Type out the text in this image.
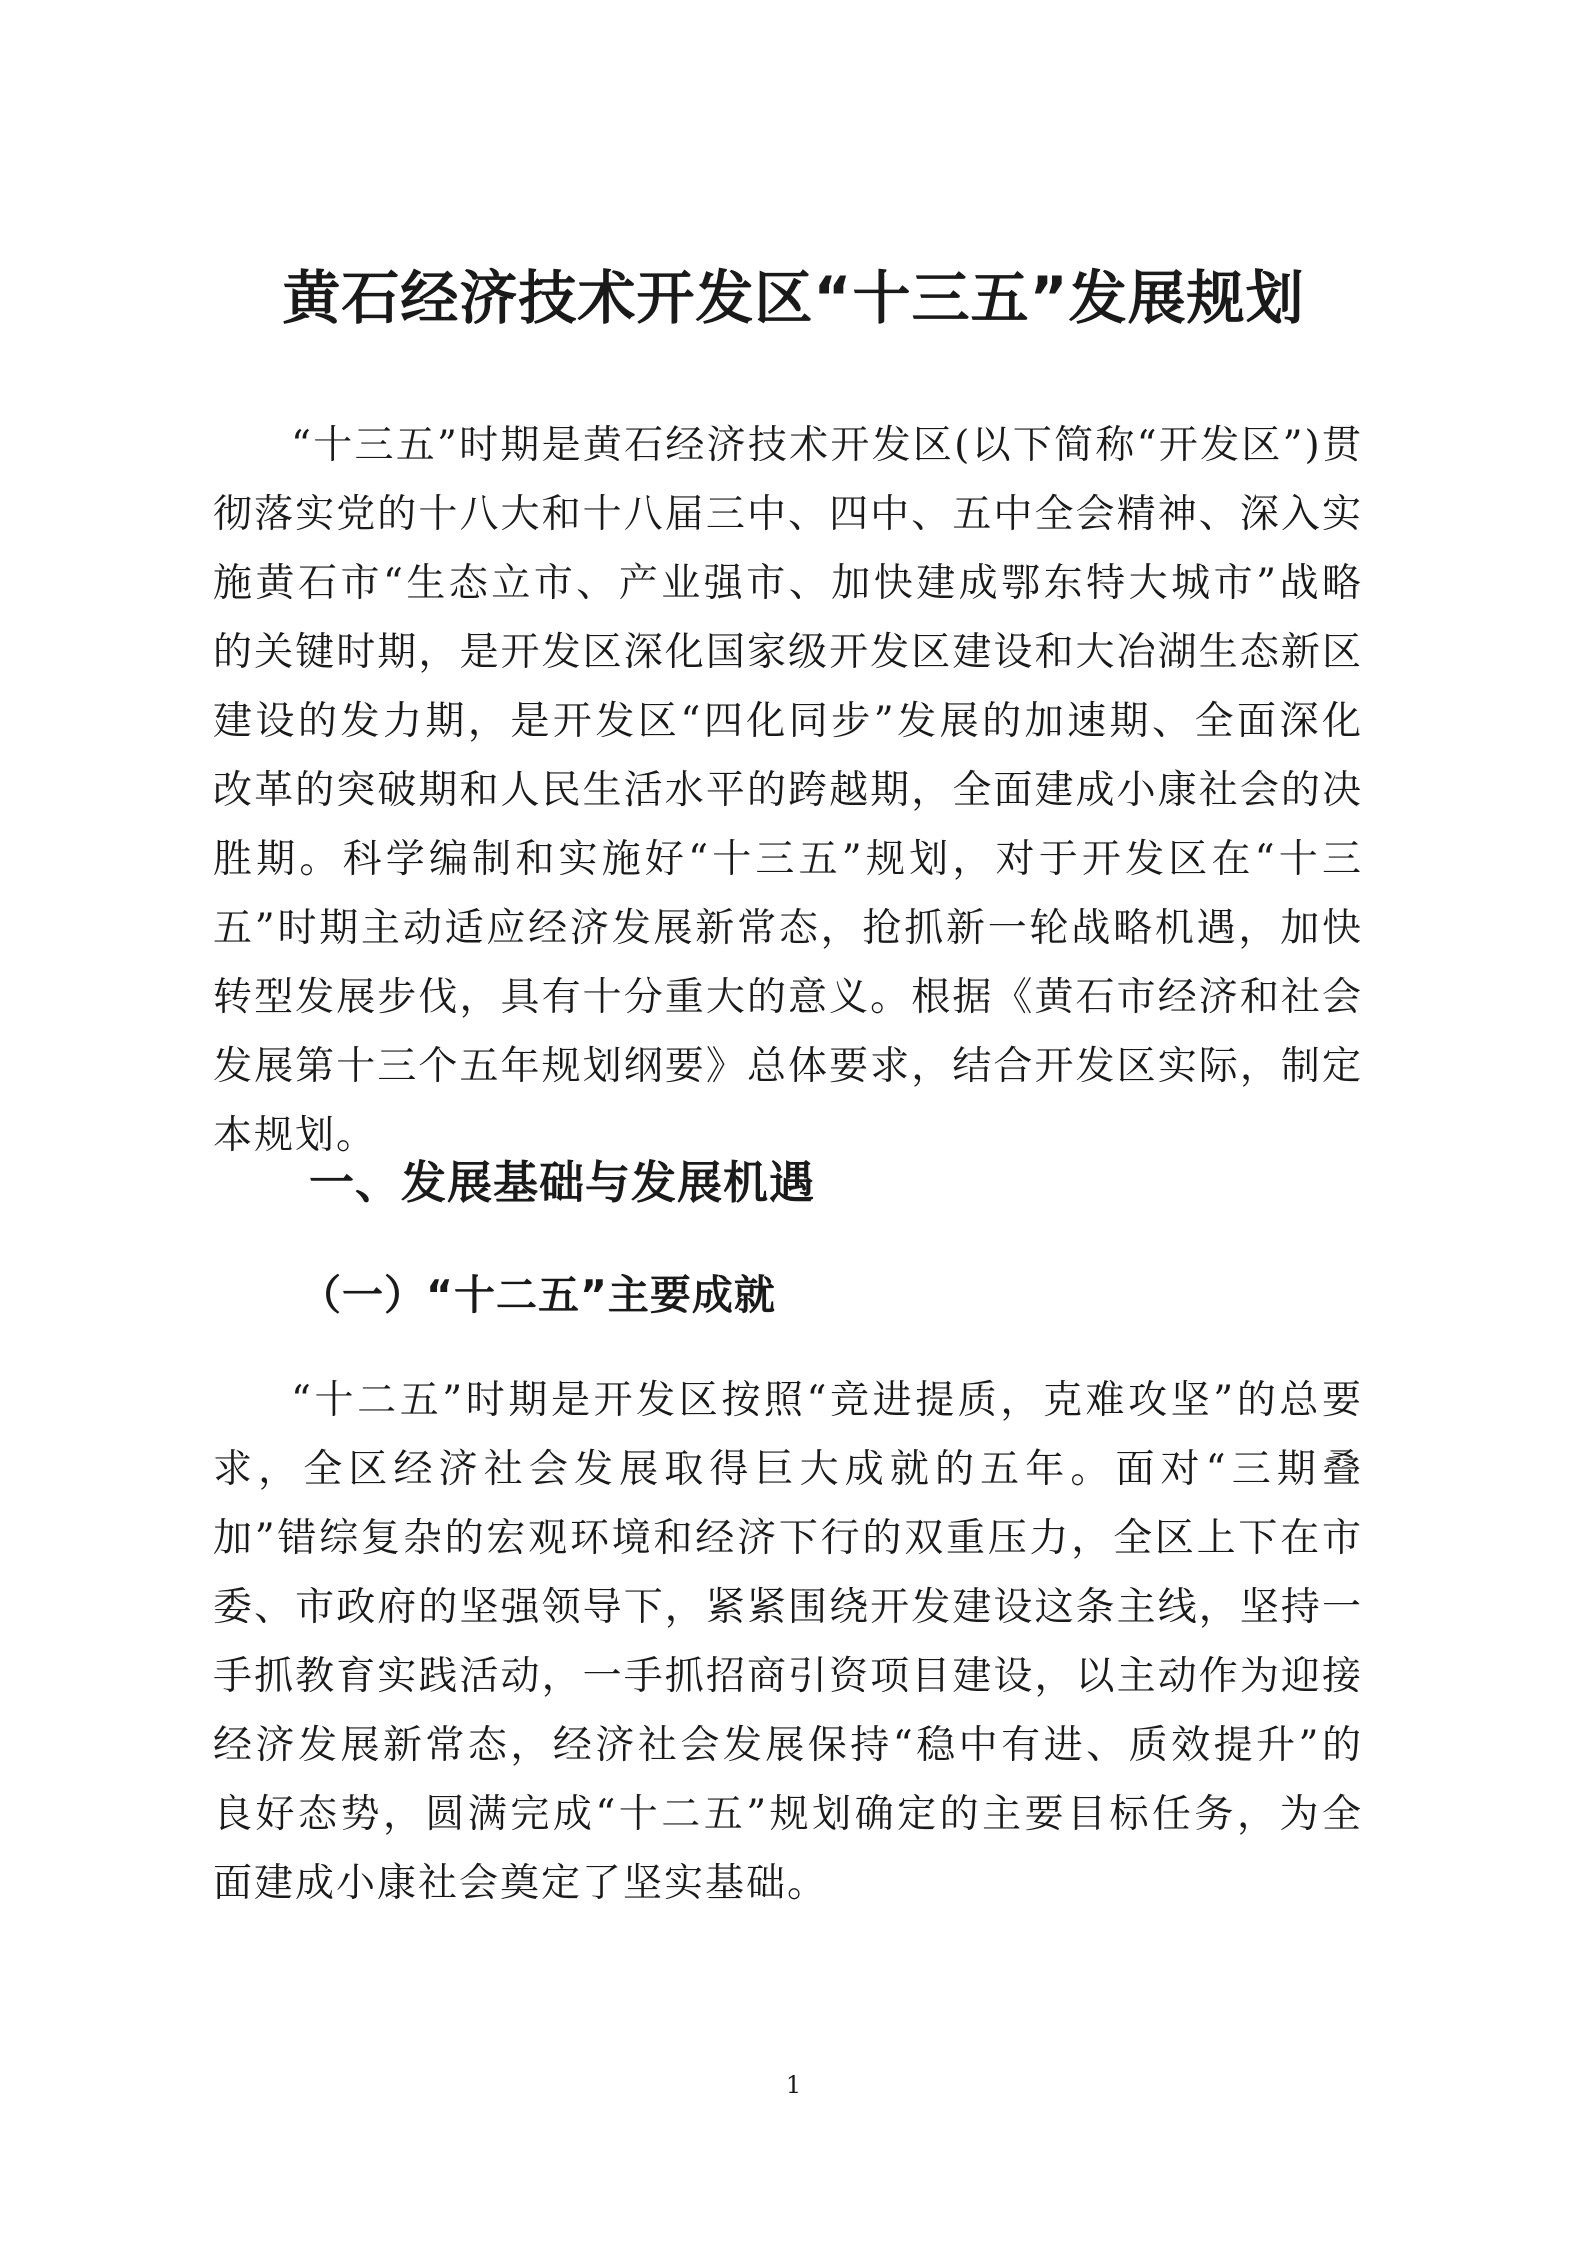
黄石经济技术开发区“十三五”发展规划

“十三五”时期是黄石经济技术开发区(以下简称“开发区”)贯彻落实党的十八大和十八届三中、四中、五中全会精神、深入实施黄石市“生态立市、产业强市、加快建成鄂东特大城市”战略的关键时期，是开发区深化国家级开发区建设和大冶湖生态新区建设的发力期，是开发区“四化同步”发展的加速期、全面深化改革的突破期和人民生活水平的跨越期，全面建成小康社会的决胜期。科学编制和实施好“十三五”规划，对于开发区在“十三五”时期主动适应经济发展新常态，抢抓新一轮战略机遇，加快转型发展步伐，具有十分重大的意义。根据《黄石市经济和社会发展第十三个五年规划纲要》总体要求，结合开发区实际，制定本规划。

一、发展基础与发展机遇
（一）“十二五”主要成就

“十二五”时期是开发区按照“竞进提质，克难攻坚”的总要求，全区经济社会发展取得巨大成就的五年。面对“三期叠加”错综复杂的宏观环境和经济下行的双重压力，全区上下在市委、市政府的坚强领导下，紧紧围绕开发建设这条主线，坚持一手抓教育实践活动，一手抓招商引资项目建设，以主动作为迎接经济发展新常态，经济社会发展保持“稳中有进、质效提升”的良好态势，圆满完成“十二五”规划确定的主要目标任务，为全面建成小康社会奠定了坚实基础。

1
